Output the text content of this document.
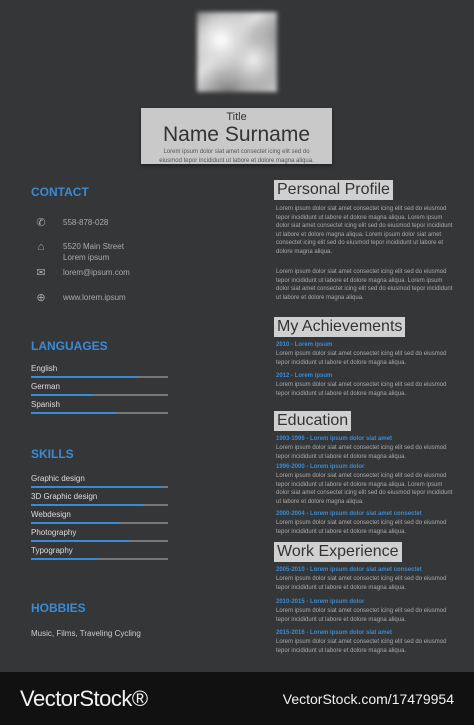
Title
Name Surname
Lorem ipsum dolor siat amet consectet icing elit sed do
eiusmod tepor incididunt ut labore et dolore magna aliqua.
CONTACT
✆ 558-878-028
⌂	5520 Main Street
Lorem ipsum
✉ lorem@ipsum.com
⊕ www.lorem.ipsum
LANGUAGES
English
German
Spanish
SKILLS
Graphic design
3D Graphic design
Webdesign
Photography
Typography
HOBBIES
Music, Films, Traveling Cycling
Personal Profile
Lorem ipsum dolor siat amet consectet icing elit sed do eiusmod tepor incididunt ut labore et dolore magna aliqua. Lorem ipsum dolor siat amet consectet icing elit sed do eiusmod tepor incididunt ut labore et dolore magna aliqua. Lorem ipsum dolor siat amet consectet icing elit sed do eiusmod tepor incididunt ut labore et dolore magna aliqua.
Lorem ipsum dolor siat amet consectet icing elit sed do eiusmod tepor incididunt ut labore et dolore magna aliqua. Lorem ipsum dolor siat amet consectet icing elit sed do eiusmod tepor incididunt ut labore et dolore magna aliqua.
My Achievements
2010 - Lorem ipsum
Lorem ipsum dolor siat amet consectet icing elit sed do eiusmod tepor incididunt ut labore et dolore magna aliqua.
2012 - Lorem ipsum
Lorem ipsum dolor siat amet consectet icing elit sed do eiusmod tepor incididunt ut labore et dolore magna aliqua.
Education
1993-1996 - Lorem ipsum dolor siat amet
Lorem ipsum dolor siat amet consectet icing elit sed do eiusmod tepor incididunt ut labore et dolore magna aliqua.
1996-2000 - Lorem ipsum dolor
Lorem ipsum dolor siat amet consectet icing elit sed do eiusmod tepor incididunt ut labore et dolore magna aliqua. Lorem ipsum dolor siat amet consectet icing elit sed do eiusmod tepor incididunt ut labore et dolore magna aliqua.
2000-2004 - Lorem ipsum dolor siat amet consectet
Lorem ipsum dolor siat amet consectet icing elit sed do eiusmod tepor incididunt ut labore et dolore magna aliqua.
Work Experience
2005-2010 - Lorem ipsum dolor siat amet consectet
Lorem ipsum dolor siat amet consectet icing elit sed do eiusmod tepor incididunt ut labore et dolore magna aliqua.
2010-2015 - Lorem ipsum dolor
Lorem ipsum dolor siat amet consectet icing elit sed do eiusmod tepor incididunt ut labore et dolore magna aliqua.
2015-2016 - Lorem ipsum dolor siat amet
Lorem ipsum dolor siat amet consectet icing elit sed do eiusmod tepor incididunt ut labore et dolore magna aliqua.
VectorStock®	VectorStock.com/17479954
